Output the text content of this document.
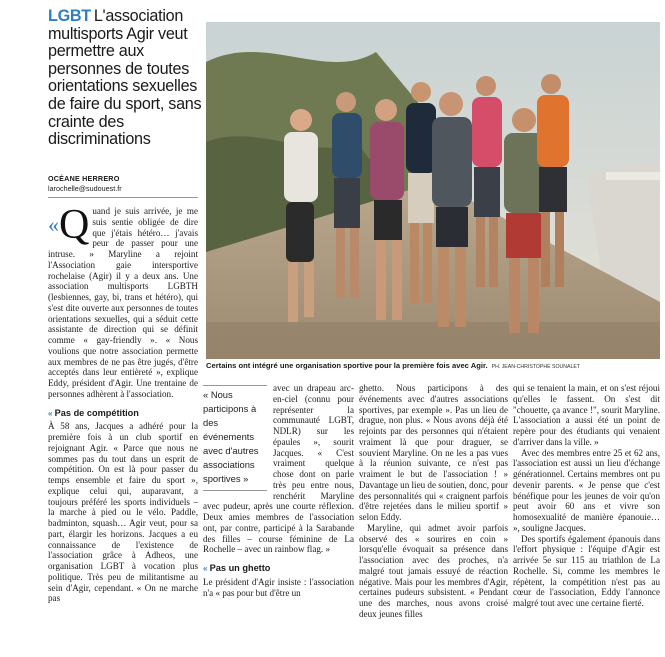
LGBT L'association multisports Agir veut permettre aux personnes de toutes orientations sexuelles de faire du sport, sans crainte des discriminations
OCÉANE HERRERO
larochelle@sudouest.fr
Certains ont intégré une organisation sportive pour la première fois avec Agir. PH. JEAN-CHRISTOPHE SOUNALET

«Q uand je suis arrivée, je me suis sentie obligée de dire que j'étais hétéro… j'avais peur de passer pour une intruse. » Maryline a rejoint l'Association gaie intersportive rochelaise (Agir) il y a deux ans. Une association multisports LGBTH (lesbiennes, gay, bi, trans et hétéro), qui s'est dite ouverte aux personnes de toutes orientations sexuelles, qui a séduit cette assistante de direction qui se définit comme « gay-friendly ». « Nous voulions que notre association permette aux membres de ne pas être jugés, d'être acceptés dans leur entièreté », explique Eddy, président d'Agir. Une trentaine de personnes adhèrent à l'association.

« Pas de compétition

À 58 ans, Jacques a adhéré pour la première fois à un club sportif en rejoignant Agir. « Parce que nous ne sommes pas du tout dans un esprit de compétition. On est là pour passer du temps ensemble et faire du sport », explique celui qui, auparavant, a toujours préféré les sports individuels – la marche à pied ou le vélo. Paddle, badminton, squash… Agir veut, pour sa part, élargir les horizons. Jacques a eu connaissance de l'existence de l'association grâce à Adheos, une organisation LGBT à vocation plus politique. Très peu de militantisme au sein d'Agir, cependant. « On ne marche pas

« Nous participons à des événements avec d'autres associations sportives »
avec un drapeau arc-en-ciel (connu pour représenter la communauté LGBT, NDLR) sur les épaules », sourit Jacques. « C'est vraiment quelque chose dont on parle très peu entre nous, renchérit Maryline avec pudeur, après une courte réflexion. Deux amies membres de l'association ont, par contre, participé à la Sarabande des filles – course féminine de La Rochelle – avec un rainbow flag. »

« Pas un ghetto

Le président d'Agir insiste : l'association n'a « pas pour but d'être un

ghetto. Nous participons à des événements avec d'autres associations sportives, par exemple ». Pas un lieu de drague, non plus. « Nous avons déjà été rejoints par des personnes qui n'étaient vraiment là que pour draguer, se souvient Maryline. On ne les a pas vues à la réunion suivante, ce n'est pas vraiment le but de l'association ! » Davantage un lieu de soutien, donc, pour des personnalités qui « craignent parfois d'être rejetées dans le milieu sportif » selon Eddy.

Maryline, qui admet avoir parfois observé des « sourires en coin » lorsqu'elle évoquait sa présence dans l'association avec des proches, n'a malgré tout jamais essuyé de réaction négative. Mais pour les membres d'Agir, certaines pudeurs subsistent. « Pendant une des marches, nous avons croisé deux jeunes filles

qui se tenaient la main, et on s'est réjoui qu'elles le fassent. On s'est dit "chouette, ça avance !", sourit Maryline. L'association a aussi été un point de repère pour des étudiants qui venaient d'arriver dans la ville. »

Avec des membres entre 25 et 62 ans, l'association est aussi un lieu d'échange générationnel. Certains membres ont pu devenir parents. « Je pense que c'est bénéfique pour les jeunes de voir qu'on peut avoir 60 ans et vivre son homosexualité de manière épanouie… », souligne Jacques.

Des sportifs également épanouis dans l'effort physique : l'équipe d'Agir est arrivée 5e sur 115 au triathlon de La Rochelle. Si, comme les membres le répètent, la compétition n'est pas au cœur de l'association, Eddy l'annonce malgré tout avec une certaine fierté.
